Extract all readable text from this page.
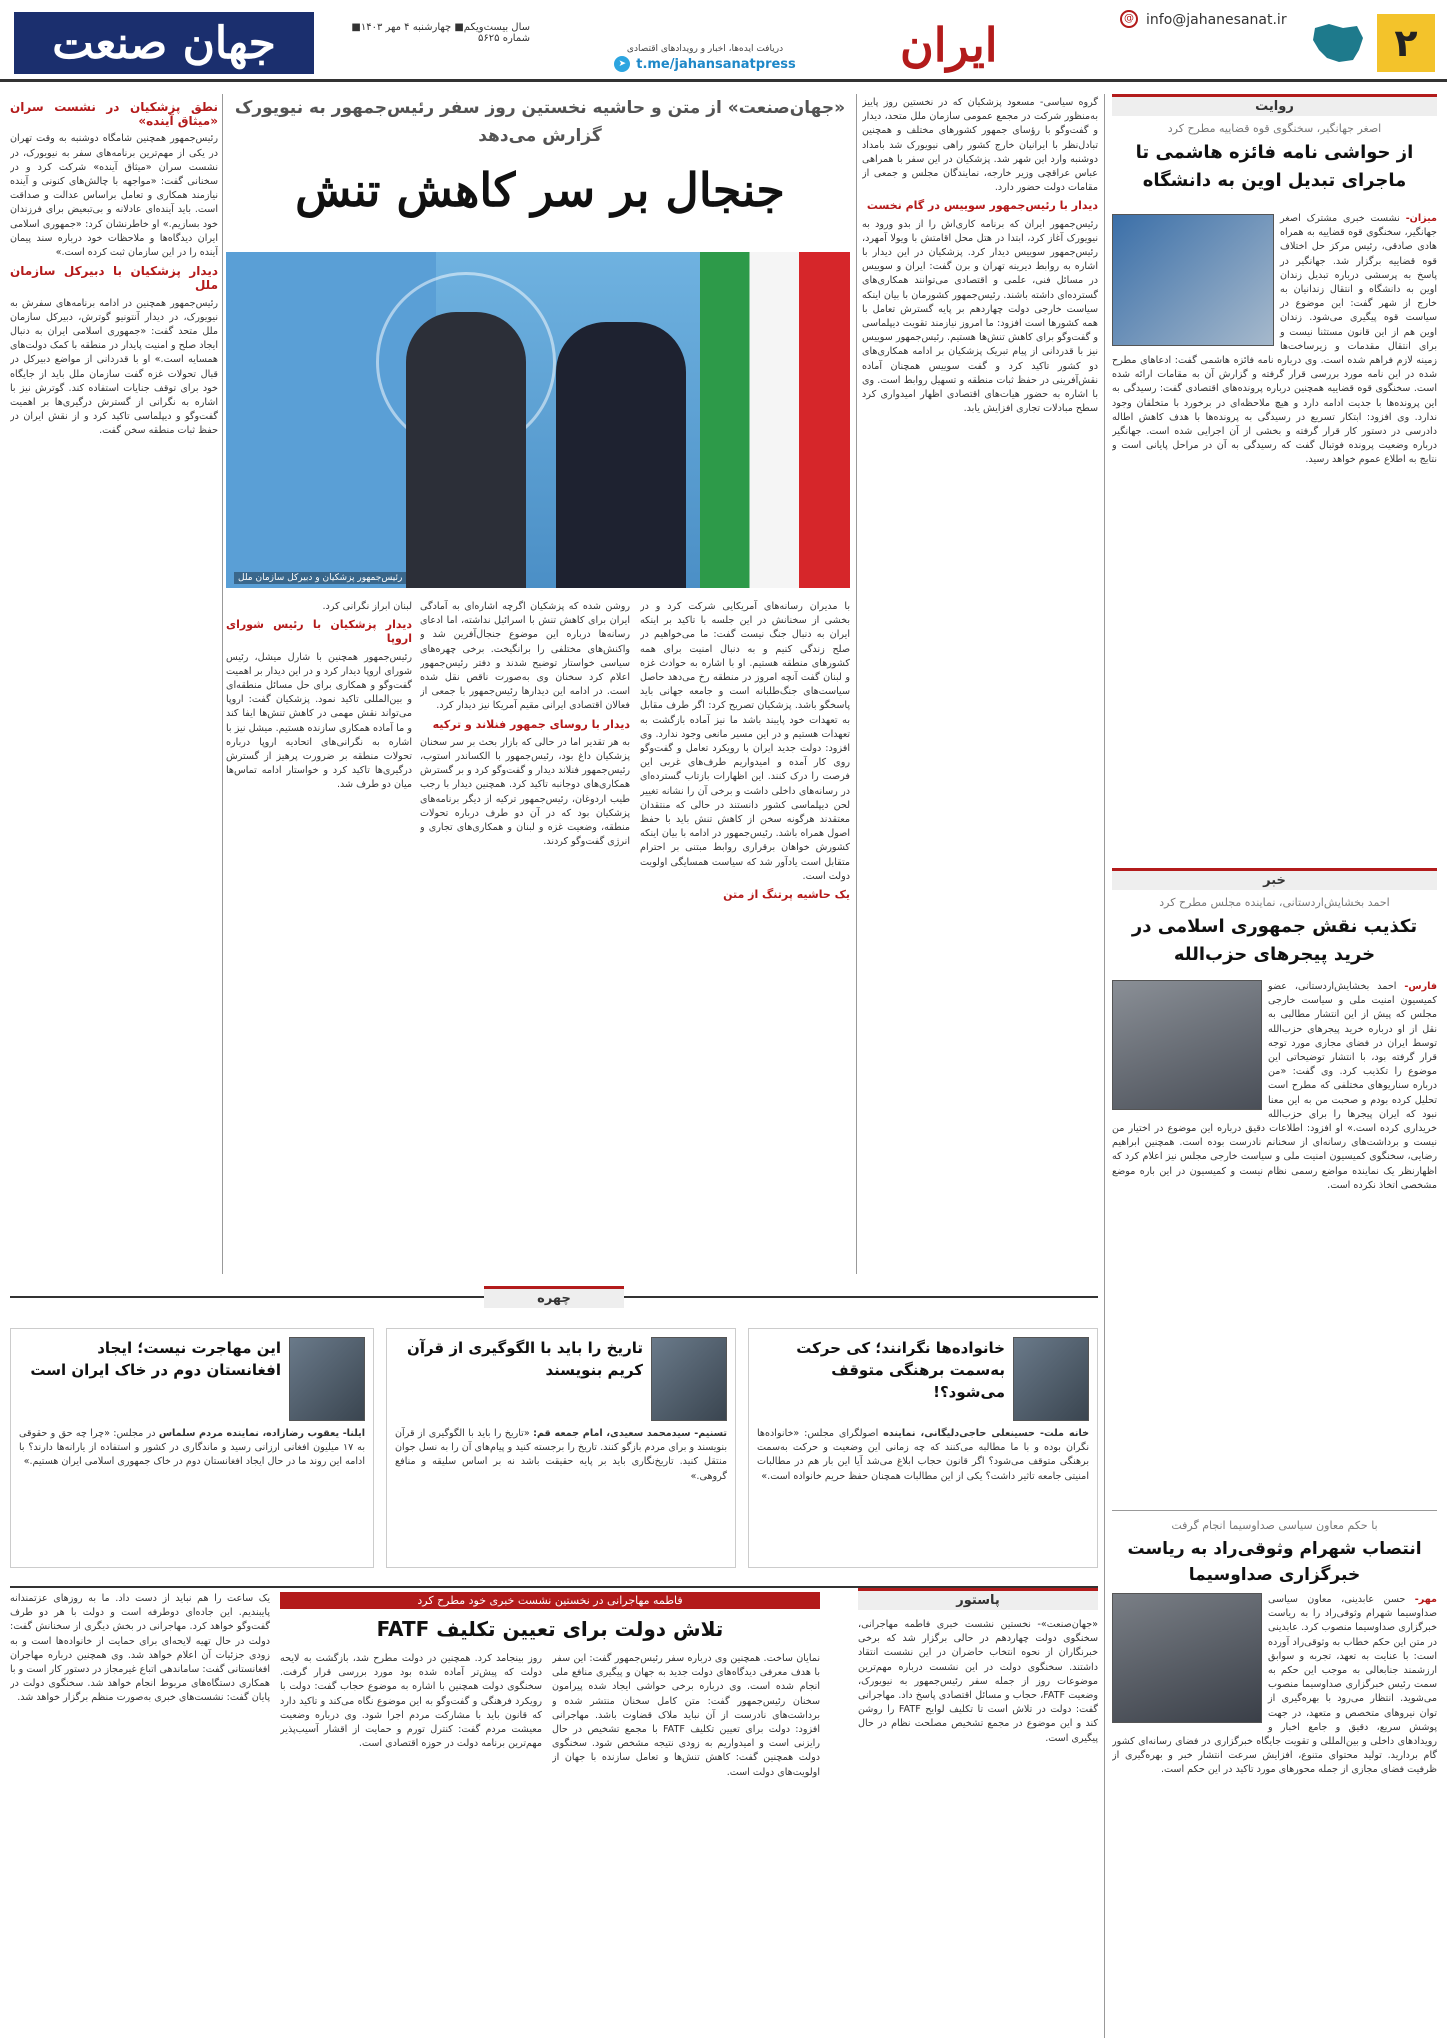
۲
@ info@jahanesanat.ir
ایران
دریافت ایده‌ها، اخبار و رویدادهای اقتصادی
t.me/jahansanatpress
➤
سال بیست‌ویکم■ چهارشنبه ۴ مهر ۱۴۰۳■ شماره ۵۶۲۵
جهان صنعت
روایت
اصغر جهانگیر، سخنگوی قوه قضاییه مطرح کرد
از حواشی نامه فائزه هاشمی تا ماجرای تبدیل اوین به دانشگاه
میزان- نشست خبری مشترک اصغر جهانگیر، سخنگوی قوه قضاییه به همراه هادی صادقی، رئیس مرکز حل اختلاف قوه قضاییه برگزار شد. جهانگیر در پاسخ به پرسشی درباره تبدیل زندان اوین به دانشگاه و انتقال زندانیان به خارج از شهر گفت: این موضوع در سیاست قوه پیگیری می‌شود. زندان اوین هم از این قانون مستثنا نیست و برای انتقال مقدمات و زیرساخت‌ها زمینه لازم فراهم شده است. وی درباره نامه فائزه هاشمی گفت: ادعاهای مطرح شده در این نامه مورد بررسی قرار گرفته و گزارش آن به مقامات ارائه شده است. سخنگوی قوه قضاییه همچنین درباره پرونده‌های اقتصادی گفت: رسیدگی به این پرونده‌ها با جدیت ادامه دارد و هیچ ملاحظه‌ای در برخورد با متخلفان وجود ندارد. وی افزود: ابتکار تسریع در رسیدگی به پرونده‌ها با هدف کاهش اطاله دادرسی در دستور کار قرار گرفته و بخشی از آن اجرایی شده است. جهانگیر درباره وضعیت پرونده فوتبال گفت که رسیدگی به آن در مراحل پایانی است و نتایج به اطلاع عموم خواهد رسید.
خبر
احمد بخشایش‌اردستانی، نماینده مجلس مطرح کرد
تکذیب نقش جمهوری اسلامی در خرید پیجرهای حزب‌الله
فارس- احمد بخشایش‌اردستانی، عضو کمیسیون امنیت ملی و سیاست خارجی مجلس که پیش از این انتشار مطالبی به نقل از او درباره خرید پیجرهای حزب‌الله توسط ایران در فضای مجازی مورد توجه قرار گرفته بود، با انتشار توضیحاتی این موضوع را تکذیب کرد. وی گفت: «من درباره سناریوهای مختلفی که مطرح است تحلیل کرده بودم و صحبت من به این معنا نبود که ایران پیجرها را برای حزب‌الله خریداری کرده است.» او افزود: اطلاعات دقیق درباره این موضوع در اختیار من نیست و برداشت‌های رسانه‌ای از سخنانم نادرست بوده است. همچنین ابراهیم رضایی، سخنگوی کمیسیون امنیت ملی و سیاست خارجی مجلس نیز اعلام کرد که اظهارنظر یک نماینده مواضع رسمی نظام نیست و کمیسیون در این باره موضع مشخصی اتخاذ نکرده است.
با حکم معاون سیاسی صداوسیما انجام گرفت
انتصاب شهرام وثوقی‌راد به ریاست خبرگزاری صداوسیما
مهر- حسن عابدینی، معاون سیاسی صداوسیما شهرام وثوقی‌راد را به ریاست خبرگزاری صداوسیما منصوب کرد. عابدینی در متن این حکم خطاب به وثوقی‌راد آورده است: با عنایت به تعهد، تجربه و سوابق ارزشمند جنابعالی به موجب این حکم به سمت رئیس خبرگزاری صداوسیما منصوب می‌شوید. انتظار می‌رود با بهره‌گیری از توان نیروهای متخصص و متعهد، در جهت پوشش سریع، دقیق و جامع اخبار و رویدادهای داخلی و بین‌المللی و تقویت جایگاه خبرگزاری در فضای رسانه‌ای کشور گام بردارید. تولید محتوای متنوع، افزایش سرعت انتشار خبر و بهره‌گیری از ظرفیت فضای مجازی از جمله محورهای مورد تاکید در این حکم است.
«جهان‌صنعت» از متن و حاشیه نخستین روز سفر رئیس‌جمهور به نیویورک گزارش می‌دهد
جنجال بر سر کاهش تنش
رئیس‌جمهور پزشکیان و دبیرکل سازمان ملل
گروه سیاسی- مسعود پزشکیان که در نخستین روز پاییز به‌منظور شرکت در مجمع عمومی سازمان ملل متحد، دیدار و گفت‌وگو با رؤسای جمهور کشورهای مختلف و همچنین تبادل‌نظر با ایرانیان خارج کشور راهی نیویورک شد بامداد دوشنبه وارد این شهر شد. پزشکیان در این سفر با همراهی عباس عراقچی وزیر خارجه، نمایندگان مجلس و جمعی از مقامات دولت حضور دارد.
دیدار با رئیس‌جمهور سوییس در گام نخست
رئیس‌جمهور ایران که برنامه کاری‌اش را از بدو ورود به نیویورک آغاز کرد، ابتدا در هتل محل اقامتش با ویولا آمهرد، رئیس‌جمهور سوییس دیدار کرد. پزشکیان در این دیدار با اشاره به روابط دیرینه تهران و برن گفت: ایران و سوییس در مسائل فنی، علمی و اقتصادی می‌توانند همکاری‌های گسترده‌ای داشته باشند. رئیس‌جمهور کشورمان با بیان اینکه سیاست خارجی دولت چهاردهم بر پایه گسترش تعامل با همه کشورها است افزود: ما امروز نیازمند تقویت دیپلماسی و گفت‌وگو برای کاهش تنش‌ها هستیم. رئیس‌جمهور سوییس نیز با قدردانی از پیام تبریک پزشکیان بر ادامه همکاری‌های دو کشور تاکید کرد و گفت سوییس همچنان آماده نقش‌آفرینی در حفظ ثبات منطقه و تسهیل روابط است. وی با اشاره به حضور هیات‌های اقتصادی اظهار امیدواری کرد سطح مبادلات تجاری افزایش یابد.
با مدیران رسانه‌های آمریکایی شرکت کرد و در بخشی از سخنانش در این جلسه با تاکید بر اینکه ایران به دنبال جنگ نیست گفت: ما می‌خواهیم در صلح زندگی کنیم و به دنبال امنیت برای همه کشورهای منطقه هستیم. او با اشاره به حوادث غزه و لبنان گفت آنچه امروز در منطقه رخ می‌دهد حاصل سیاست‌های جنگ‌طلبانه است و جامعه جهانی باید پاسخگو باشد. پزشکیان تصریح کرد: اگر طرف مقابل به تعهدات خود پایبند باشد ما نیز آماده بازگشت به تعهدات هستیم و در این مسیر مانعی وجود ندارد. وی افزود: دولت جدید ایران با رویکرد تعامل و گفت‌وگو روی کار آمده و امیدواریم طرف‌های غربی این فرصت را درک کنند. این اظهارات بازتاب گسترده‌ای در رسانه‌های داخلی داشت و برخی آن را نشانه تغییر لحن دیپلماسی کشور دانستند در حالی که منتقدان معتقدند هرگونه سخن از کاهش تنش باید با حفظ اصول همراه باشد. رئیس‌جمهور در ادامه با بیان اینکه کشورش خواهان برقراری روابط مبتنی بر احترام متقابل است یادآور شد که سیاست همسایگی اولویت دولت است.
یک حاشیه پرتنگ از متن
روشن شده که پزشکیان اگرچه اشاره‌ای به آمادگی ایران برای کاهش تنش با اسرائیل نداشته، اما ادعای رسانه‌ها درباره این موضوع جنجال‌آفرین شد و واکنش‌های مختلفی را برانگیخت. برخی چهره‌های سیاسی خواستار توضیح شدند و دفتر رئیس‌جمهور اعلام کرد سخنان وی به‌صورت ناقص نقل شده است. در ادامه این دیدارها رئیس‌جمهور با جمعی از فعالان اقتصادی ایرانی مقیم آمریکا نیز دیدار کرد.
دیدار با روسای جمهور فنلاند و ترکیه
به هر تقدیر اما در حالی که بازار بحث بر سر سخنان پزشکیان داغ بود، رئیس‌جمهور با الکساندر استوب، رئیس‌جمهور فنلاند دیدار و گفت‌وگو کرد و بر گسترش همکاری‌های دوجانبه تاکید کرد. همچنین دیدار با رجب طیب اردوغان، رئیس‌جمهور ترکیه از دیگر برنامه‌های پزشکیان بود که در آن دو طرف درباره تحولات منطقه، وضعیت غزه و لبنان و همکاری‌های تجاری و انرژی گفت‌وگو کردند.
لبنان ابراز نگرانی کرد.
دیدار پزشکیان با رئیس شورای اروپا
رئیس‌جمهور همچنین با شارل میشل، رئیس شورای اروپا دیدار کرد و در این دیدار بر اهمیت گفت‌وگو و همکاری برای حل مسائل منطقه‌ای و بین‌المللی تاکید نمود. پزشکیان گفت: اروپا می‌تواند نقش مهمی در کاهش تنش‌ها ایفا کند و ما آماده همکاری سازنده هستیم. میشل نیز با اشاره به نگرانی‌های اتحادیه اروپا درباره تحولات منطقه بر ضرورت پرهیز از گسترش درگیری‌ها تاکید کرد و خواستار ادامه تماس‌ها میان دو طرف شد.
نطق پزشکیان در نشست سران «میثاق آینده»
رئیس‌جمهور همچنین شامگاه دوشنبه به وقت تهران در یکی از مهم‌ترین برنامه‌های سفر به نیویورک، در نشست سران «میثاق آینده» شرکت کرد و در سخنانی گفت: «مواجهه با چالش‌های کنونی و آینده نیازمند همکاری و تعامل براساس عدالت و صداقت است. باید آینده‌ای عادلانه و بی‌تبعیض برای فرزندان خود بسازیم.» او خاطرنشان کرد: «جمهوری اسلامی ایران دیدگاه‌ها و ملاحظات خود درباره سند پیمان آینده را در این سازمان ثبت کرده است.»
دیدار پزشکیان با دبیرکل سازمان ملل
رئیس‌جمهور همچنین در ادامه برنامه‌های سفرش به نیویورک، در دیدار آنتونیو گوترش، دبیرکل سازمان ملل متحد گفت: «جمهوری اسلامی ایران به دنبال ایجاد صلح و امنیت پایدار در منطقه با کمک دولت‌های همسایه است.» او با قدردانی از مواضع دبیرکل در قبال تحولات غزه گفت سازمان ملل باید از جایگاه خود برای توقف جنایات استفاده کند. گوترش نیز با اشاره به نگرانی از گسترش درگیری‌ها بر اهمیت گفت‌وگو و دیپلماسی تاکید کرد و از نقش ایران در حفظ ثبات منطقه سخن گفت.
چهره
خانواده‌ها نگرانند؛ کی حرکت به‌سمت برهنگی متوقف می‌شود؟!
خانه ملت- حسینعلی حاجی‌دلیگانی، نماینده اصولگرای مجلس: «خانواده‌ها نگران بوده و با ما مطالبه می‌کنند که چه زمانی این وضعیت و حرکت به‌سمت برهنگی متوقف می‌شود؟ اگر قانون حجاب ابلاغ می‌شد آیا این بار هم در مطالبات امنیتی جامعه تاثیر داشت؟ یکی از این مطالبات همچنان حفظ حریم خانواده است.»
تاریخ را باید با الگوگیری از قرآن کریم بنویسند
تسنیم- سیدمحمد سعیدی، امام جمعه قم: «تاریخ را باید با الگوگیری از قرآن بنویسند و برای مردم بازگو کنند. تاریخ را برجسته کنید و پیام‌های آن را به نسل جوان منتقل کنید. تاریخ‌نگاری باید بر پایه حقیقت باشد نه بر اساس سلیقه و منافع گروهی.»
این مهاجرت نیست؛ ایجاد افغانستان دوم در خاک ایران است
ایلنا- یعقوب رضازاده، نماینده مردم سلماس در مجلس: «چرا چه حق و حقوقی به ۱۷ میلیون افغانی ارزانی رسید و ماندگاری در کشور و استفاده از یارانه‌ها دارند؟ با ادامه این روند ما در حال ایجاد افغانستان دوم در خاک جمهوری اسلامی ایران هستیم.»
پاستور
فاطمه مهاجرانی در نخستین نشست خبری خود مطرح کرد
تلاش دولت برای تعیین تکلیف FATF	«جهان‌صنعت»- نخستین نشست خبری فاطمه مهاجرانی، سخنگوی دولت چهاردهم در حالی برگزار شد که برخی خبرنگاران از نحوه انتخاب حاضران در این نشست انتقاد داشتند. سخنگوی دولت در این نشست درباره مهم‌ترین موضوعات روز از جمله سفر رئیس‌جمهور به نیویورک، وضعیت FATF، حجاب و مسائل اقتصادی پاسخ داد. مهاجرانی گفت: دولت در تلاش است تا تکلیف لوایح FATF را روشن کند و این موضوع در مجمع تشخیص مصلحت نظام در حال پیگیری است.
نمایان ساخت. همچنین وی درباره سفر رئیس‌جمهور گفت: این سفر با هدف معرفی دیدگاه‌های دولت جدید به جهان و پیگیری منافع ملی انجام شده است. وی درباره برخی حواشی ایجاد شده پیرامون سخنان رئیس‌جمهور گفت: متن کامل سخنان منتشر شده و برداشت‌های نادرست از آن نباید ملاک قضاوت باشد. مهاجرانی افزود: دولت برای تعیین تکلیف FATF با مجمع تشخیص در حال رایزنی است و امیدواریم به زودی نتیجه مشخص شود. سخنگوی دولت همچنین گفت: کاهش تنش‌ها و تعامل سازنده با جهان از اولویت‌های دولت است.
روز بینجامد کرد. همچنین در دولت مطرح شد، بازگشت به لایحه دولت که پیش‌تر آماده شده بود مورد بررسی قرار گرفت. سخنگوی دولت همچنین با اشاره به موضوع حجاب گفت: دولت با رویکرد فرهنگی و گفت‌وگو به این موضوع نگاه می‌کند و تاکید دارد که قانون باید با مشارکت مردم اجرا شود. وی درباره وضعیت معیشت مردم گفت: کنترل تورم و حمایت از اقشار آسیب‌پذیر مهم‌ترین برنامه دولت در حوزه اقتصادی است.
یک ساعت را هم نباید از دست داد. ما به روزهای عزتمندانه پایبندیم. این جاده‌ای دوطرفه است و دولت با هر دو طرف گفت‌وگو خواهد کرد. مهاجرانی در بخش دیگری از سخنانش گفت: دولت در حال تهیه لایحه‌ای برای حمایت از خانواده‌ها است و به زودی جزئیات آن اعلام خواهد شد. وی همچنین درباره مهاجران افغانستانی گفت: ساماندهی اتباع غیرمجاز در دستور کار است و با همکاری دستگاه‌های مربوط انجام خواهد شد. سخنگوی دولت در پایان گفت: نشست‌های خبری به‌صورت منظم برگزار خواهد شد.
